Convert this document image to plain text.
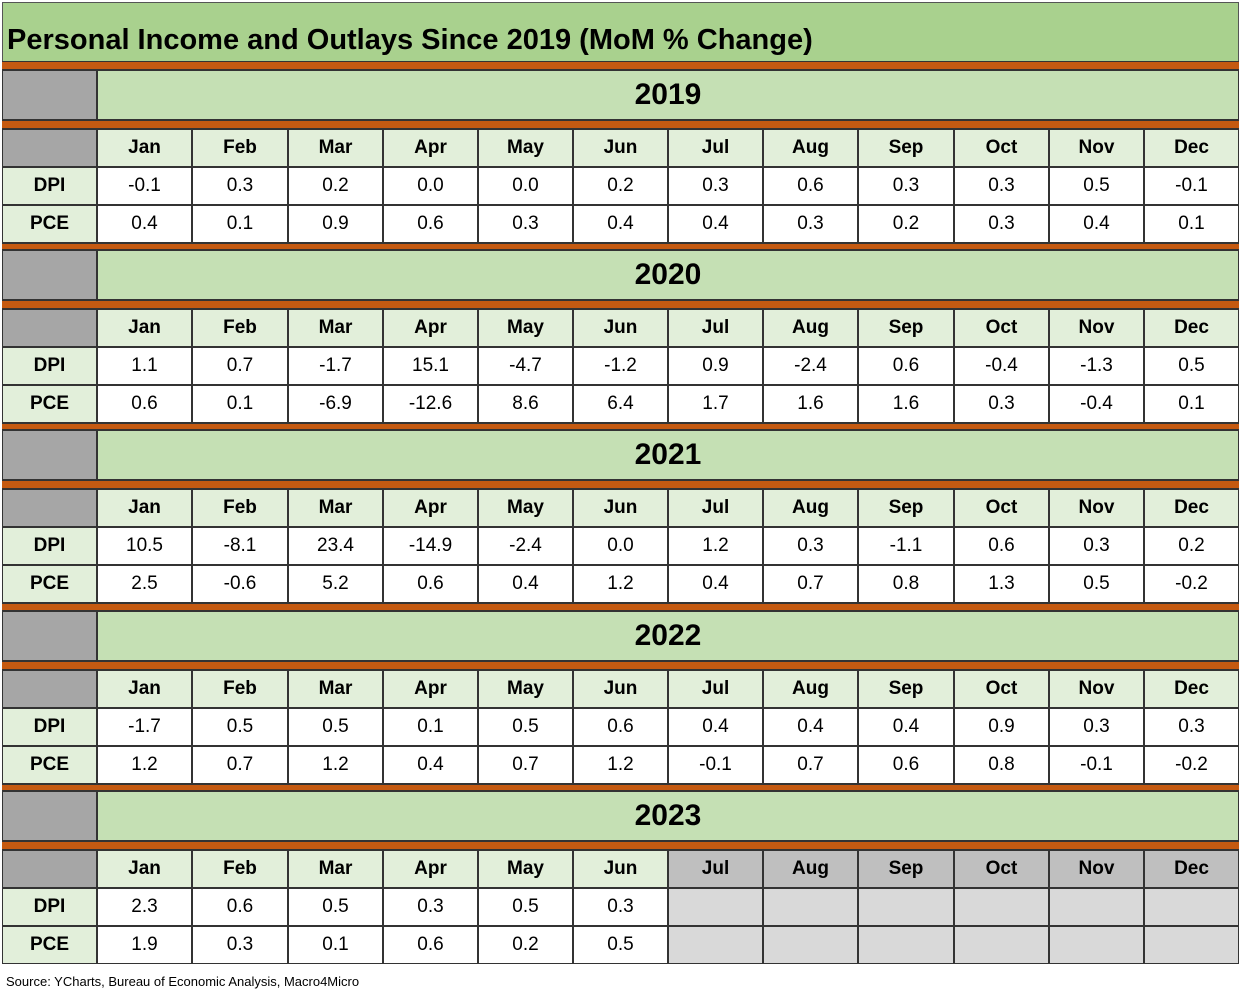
Personal Income and Outlays Since 2019 (MoM % Change)
2019
Jan	Feb	Mar	Apr	May	Jun	Jul	Aug	Sep	Oct	Nov	Dec
DPI	-0.1	0.3	0.2	0.0	0.0	0.2	0.3	0.6	0.3	0.3	0.5	-0.1
PCE	0.4	0.1	0.9	0.6	0.3	0.4	0.4	0.3	0.2	0.3	0.4	0.1
2020
Jan	Feb	Mar	Apr	May	Jun	Jul	Aug	Sep	Oct	Nov	Dec
DPI	1.1	0.7	-1.7	15.1	-4.7	-1.2	0.9	-2.4	0.6	-0.4	-1.3	0.5
PCE	0.6	0.1	-6.9	-12.6	8.6	6.4	1.7	1.6	1.6	0.3	-0.4	0.1
2021
Jan	Feb	Mar	Apr	May	Jun	Jul	Aug	Sep	Oct	Nov	Dec
DPI	10.5	-8.1	23.4	-14.9	-2.4	0.0	1.2	0.3	-1.1	0.6	0.3	0.2
PCE	2.5	-0.6	5.2	0.6	0.4	1.2	0.4	0.7	0.8	1.3	0.5	-0.2
2022
Jan	Feb	Mar	Apr	May	Jun	Jul	Aug	Sep	Oct	Nov	Dec
DPI	-1.7	0.5	0.5	0.1	0.5	0.6	0.4	0.4	0.4	0.9	0.3	0.3
PCE	1.2	0.7	1.2	0.4	0.7	1.2	-0.1	0.7	0.6	0.8	-0.1	-0.2
2023
Jan	Feb	Mar	Apr	May	Jun	Jul	Aug	Sep	Oct	Nov	Dec
DPI	2.3	0.6	0.5	0.3	0.5	0.3
PCE	1.9	0.3	0.1	0.6	0.2	0.5
Source: YCharts, Bureau of Economic Analysis, Macro4Micro
